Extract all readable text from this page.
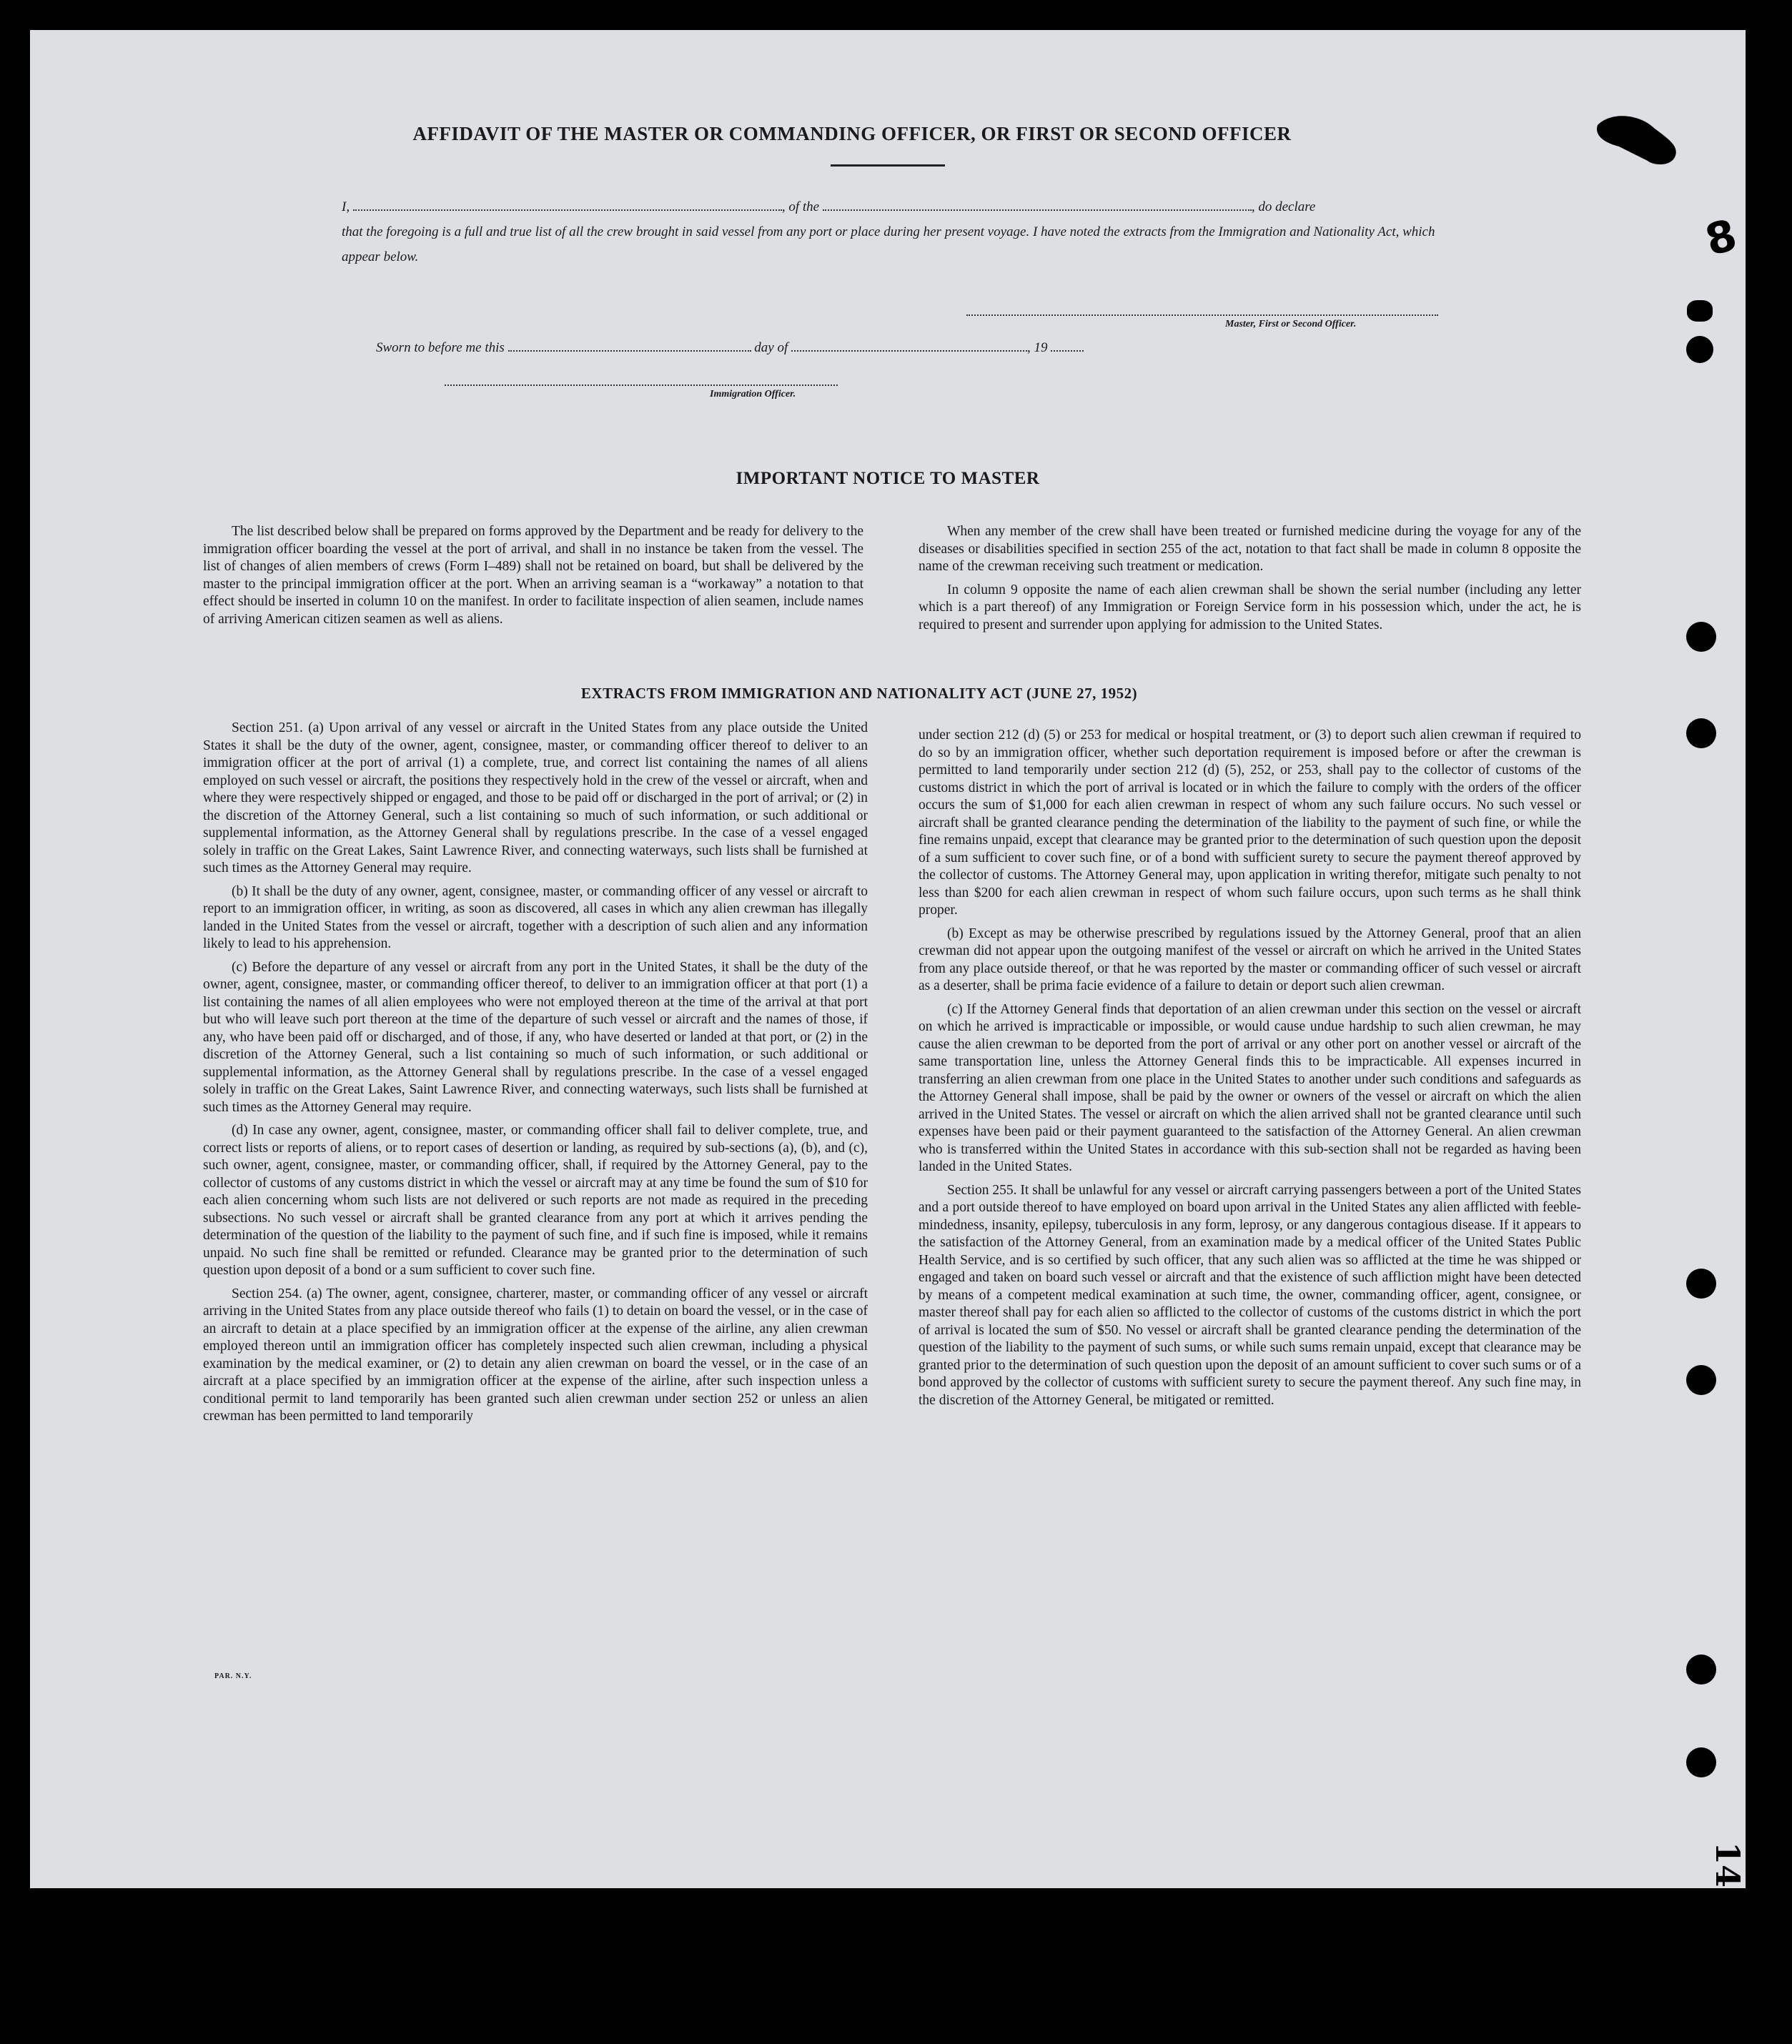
AFFIDAVIT OF THE MASTER OR COMMANDING OFFICER, OR FIRST OR SECOND OFFICER
I,	, of the	, do declare
that the foregoing is a full and true list of all the crew brought in said vessel from any port or place during her present voyage. I have noted the extracts from the Immigration and Nationality Act, which appear below.
Master, First or Second Officer.
Sworn to before me this	day of	, 19
Immigration Officer.
IMPORTANT NOTICE TO MASTER

The list described below shall be prepared on forms approved by the Department and be ready for delivery to the immigration officer boarding the vessel at the port of arrival, and shall in no instance be taken from the vessel. The list of changes of alien members of crews (Form I–489) shall not be retained on board, but shall be delivered by the master to the principal immigration officer at the port. When an arriving seaman is a “workaway” a notation to that effect should be inserted in column 10 on the manifest. In order to facilitate inspection of alien seamen, include names of arriving American citizen seamen as well as aliens.

When any member of the crew shall have been treated or furnished medicine during the voyage for any of the diseases or disabilities specified in section 255 of the act, notation to that fact shall be made in column 8 opposite the name of the crewman receiving such treatment or medication.

In column 9 opposite the name of each alien crewman shall be shown the serial number (including any letter which is a part thereof) of any Immigration or Foreign Service form in his possession which, under the act, he is required to present and surrender upon applying for admission to the United States.

EXTRACTS FROM IMMIGRATION AND NATIONALITY ACT (JUNE 27, 1952)

Section 251. (a) Upon arrival of any vessel or aircraft in the United States from any place outside the United States it shall be the duty of the owner, agent, consignee, master, or commanding officer thereof to deliver to an immigration officer at the port of arrival (1) a complete, true, and correct list containing the names of all aliens employed on such vessel or aircraft, the positions they respectively hold in the crew of the vessel or aircraft, when and where they were respectively shipped or engaged, and those to be paid off or discharged in the port of arrival; or (2) in the discretion of the Attorney General, such a list containing so much of such information, or such additional or supplemental information, as the Attorney General shall by regulations prescribe. In the case of a vessel engaged solely in traffic on the Great Lakes, Saint Lawrence River, and connecting waterways, such lists shall be furnished at such times as the Attorney General may require.

(b) It shall be the duty of any owner, agent, consignee, master, or commanding officer of any vessel or aircraft to report to an immigration officer, in writing, as soon as discovered, all cases in which any alien crewman has illegally landed in the United States from the vessel or aircraft, together with a description of such alien and any information likely to lead to his apprehension.

(c) Before the departure of any vessel or aircraft from any port in the United States, it shall be the duty of the owner, agent, consignee, master, or commanding officer thereof, to deliver to an immigration officer at that port (1) a list containing the names of all alien employees who were not employed thereon at the time of the arrival at that port but who will leave such port thereon at the time of the departure of such vessel or aircraft and the names of those, if any, who have been paid off or discharged, and of those, if any, who have deserted or landed at that port, or (2) in the discretion of the Attorney General, such a list containing so much of such information, or such additional or supplemental information, as the Attorney General shall by regulations prescribe. In the case of a vessel engaged solely in traffic on the Great Lakes, Saint Lawrence River, and connecting waterways, such lists shall be furnished at such times as the Attorney General may require.

(d) In case any owner, agent, consignee, master, or commanding officer shall fail to deliver complete, true, and correct lists or reports of aliens, or to report cases of desertion or landing, as required by sub-sections (a), (b), and (c), such owner, agent, consignee, master, or commanding officer, shall, if required by the Attorney General, pay to the collector of customs of any customs district in which the vessel or aircraft may at any time be found the sum of $10 for each alien concerning whom such lists are not delivered or such reports are not made as required in the preceding subsections. No such vessel or aircraft shall be granted clearance from any port at which it arrives pending the determination of the question of the liability to the payment of such fine, and if such fine is imposed, while it remains unpaid. No such fine shall be remitted or refunded. Clearance may be granted prior to the determination of such question upon deposit of a bond or a sum sufficient to cover such fine.

Section 254. (a) The owner, agent, consignee, charterer, master, or commanding officer of any vessel or aircraft arriving in the United States from any place outside thereof who fails (1) to detain on board the vessel, or in the case of an aircraft to detain at a place specified by an immigration officer at the expense of the airline, any alien crewman employed thereon until an immigration officer has completely inspected such alien crewman, including a physical examination by the medical examiner, or (2) to detain any alien crewman on board the vessel, or in the case of an aircraft at a place specified by an immigration officer at the expense of the airline, after such inspection unless a conditional permit to land temporarily has been granted such alien crewman under section 252 or unless an alien crewman has been permitted to land temporarily

under section 212 (d) (5) or 253 for medical or hospital treatment, or (3) to deport such alien crewman if required to do so by an immigration officer, whether such deportation requirement is imposed before or after the crewman is permitted to land temporarily under section 212 (d) (5), 252, or 253, shall pay to the collector of customs of the customs district in which the port of arrival is located or in which the failure to comply with the orders of the officer occurs the sum of $1,000 for each alien crewman in respect of whom any such failure occurs. No such vessel or aircraft shall be granted clearance pending the determination of the liability to the payment of such fine, or while the fine remains unpaid, except that clearance may be granted prior to the determination of such question upon the deposit of a sum sufficient to cover such fine, or of a bond with sufficient surety to secure the payment thereof approved by the collector of customs. The Attorney General may, upon application in writing therefor, mitigate such penalty to not less than $200 for each alien crewman in respect of whom such failure occurs, upon such terms as he shall think proper.

(b) Except as may be otherwise prescribed by regulations issued by the Attorney General, proof that an alien crewman did not appear upon the outgoing manifest of the vessel or aircraft on which he arrived in the United States from any place outside thereof, or that he was reported by the master or commanding officer of such vessel or aircraft as a deserter, shall be prima facie evidence of a failure to detain or deport such alien crewman.

(c) If the Attorney General finds that deportation of an alien crewman under this section on the vessel or aircraft on which he arrived is impracticable or impossible, or would cause undue hardship to such alien crewman, he may cause the alien crewman to be deported from the port of arrival or any other port on another vessel or aircraft of the same transportation line, unless the Attorney General finds this to be impracticable. All expenses incurred in transferring an alien crewman from one place in the United States to another under such conditions and safeguards as the Attorney General shall impose, shall be paid by the owner or owners of the vessel or aircraft on which the alien arrived in the United States. The vessel or aircraft on which the alien arrived shall not be granted clearance until such expenses have been paid or their payment guaranteed to the satisfaction of the Attorney General. An alien crewman who is transferred within the United States in accordance with this sub-section shall not be regarded as having been landed in the United States.

Section 255. It shall be unlawful for any vessel or aircraft carrying passengers between a port of the United States and a port outside thereof to have employed on board upon arrival in the United States any alien afflicted with feeble-mindedness, insanity, epilepsy, tuberculosis in any form, leprosy, or any dangerous contagious disease. If it appears to the satisfaction of the Attorney General, from an examination made by a medical officer of the United States Public Health Service, and is so certified by such officer, that any such alien was so afflicted at the time he was shipped or engaged and taken on board such vessel or aircraft and that the existence of such affliction might have been detected by means of a competent medical examination at such time, the owner, commanding officer, agent, consignee, or master thereof shall pay for each alien so afflicted to the collector of customs of the customs district in which the port of arrival is located the sum of $50. No vessel or aircraft shall be granted clearance pending the determination of the question of the liability to the payment of such sums, or while such sums remain unpaid, except that clearance may be granted prior to the determination of such question upon the deposit of an amount sufficient to cover such sums or of a bond approved by the collector of customs with sufficient surety to secure the payment thereof. Any such fine may, in the discretion of the Attorney General, be mitigated or remitted.

PAR. N.Y.
8
14
